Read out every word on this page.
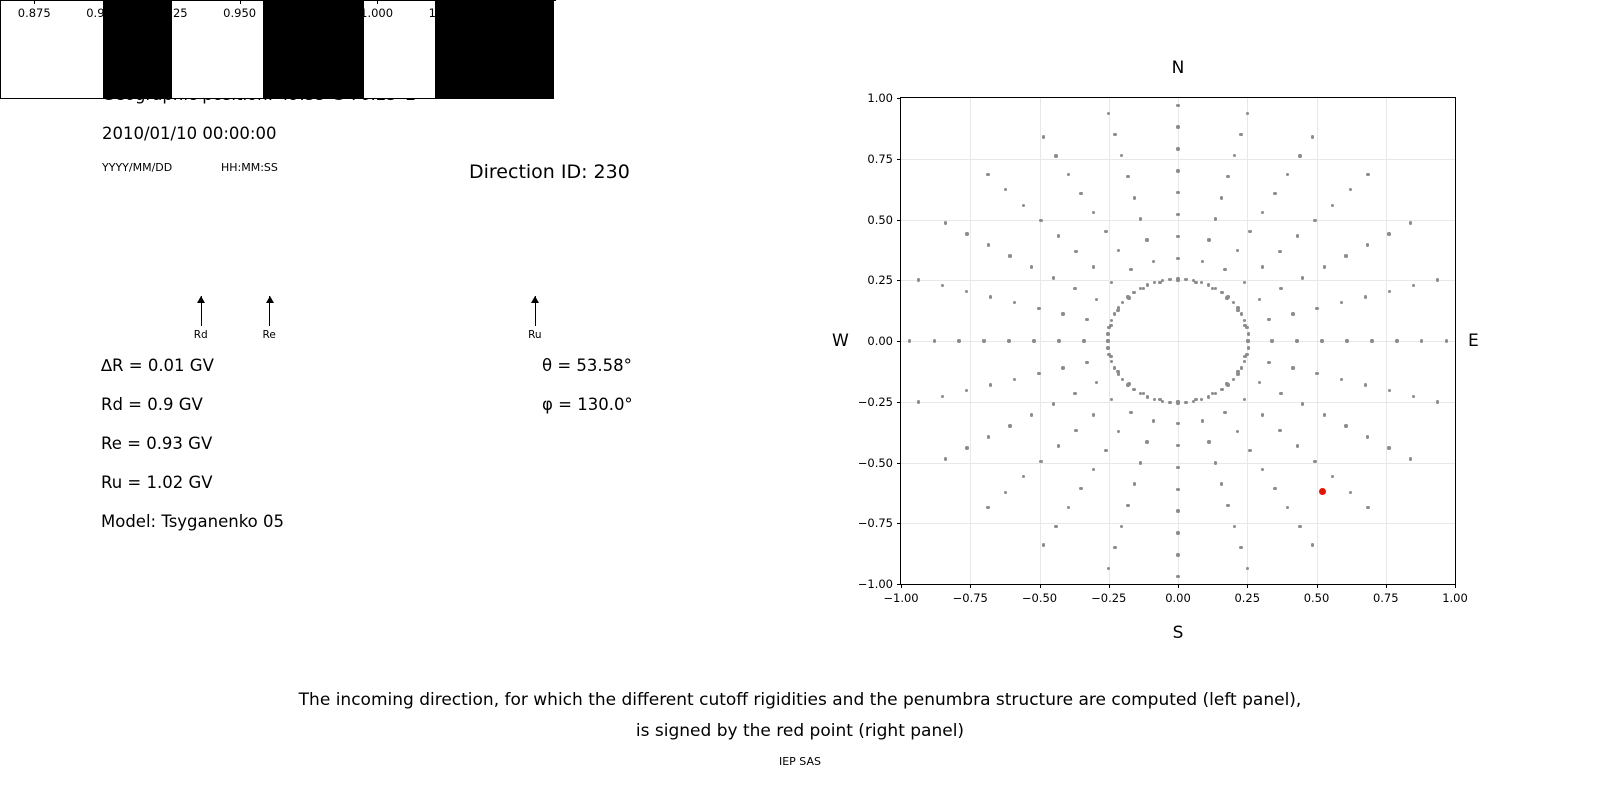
2010/01/10 00:00:00
YYYY/MM/DD	HH:MM:SS	Direction ID: 230
0.875	0.900	0.925	0.950	0.975	1.000	1.025	1.050
∆R = 0.01 GV
Rd = 0.9 GV
Re = 0.93 GV
Ru = 1.02 GV
Model: Tsyganenko 05
θ = 53.58°
φ = 130.0°
Rd	Re	Ru
N
S
W	E
−1.00
−0.75
−0.50
−0.25
0.00
0.25
0.50
0.75
1.00
−1.00	−0.75	−0.50	−0.25	0.00	0.25	0.50	0.75	1.00
The incoming direction, for which the different cutoff rigidities and the penumbra structure are computed (left panel),
is signed by the red point (right panel)
IEP SAS
